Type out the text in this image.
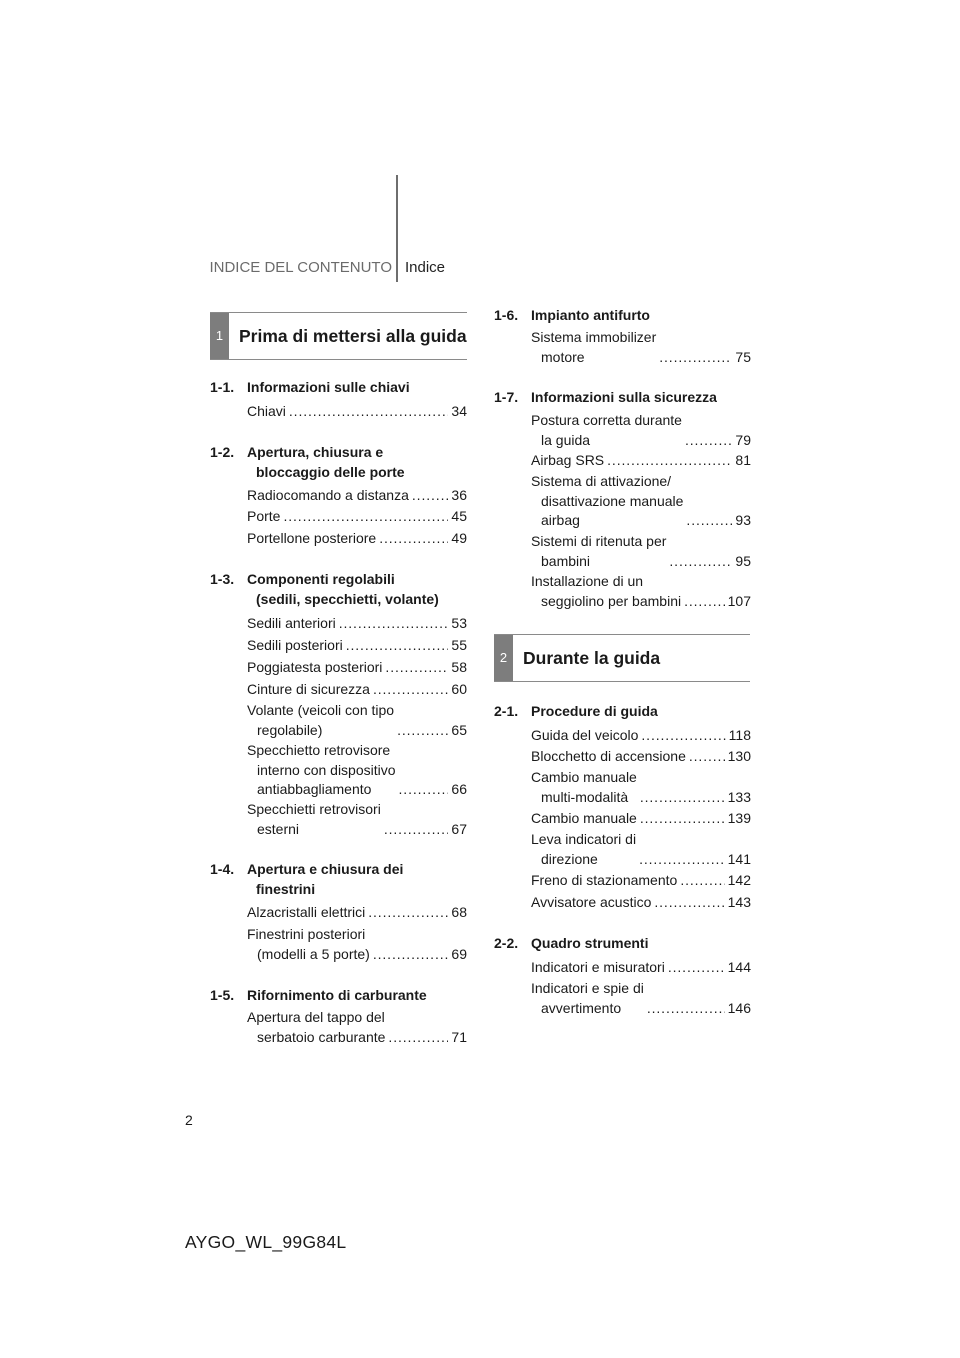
INDICE DEL CONTENUTO Indice
1 Prima di mettersi alla guida
1-1. Informazioni sulle chiavi
Chiavi . . .	34
1-2. Apertura, chiusura e
bloccaggio delle porte
Radiocomando a distanza . . .	36
Porte . . .	45
Portellone posteriore . . .	49
1-3. Componenti regolabili
(sedili, specchietti, volante)
Sedili anteriori . . .	53
Sedili posteriori . . .	55
Poggiatesta posteriori . . .	58
Cinture di sicurezza . . .	60
Volante (veicoli con tipo
regolabile) . . .	65
Specchietto retrovisore
interno con dispositivo
antiabbagliamento . . .	66
Specchietti retrovisori
esterni . . .	67
1-4. Apertura e chiusura dei
finestrini
Alzacristalli elettrici . . .	68
Finestrini posteriori
(modelli a 5 porte) . . .	69
1-5. Rifornimento di carburante
Apertura del tappo del
serbatoio carburante . . .	71
1-6. Impianto antifurto
Sistema immobilizer
motore . . .	75
1-7. Informazioni sulla sicurezza
Postura corretta durante
la guida . . .	79
Airbag SRS . . .	81
Sistema di attivazione/
disattivazione manuale
airbag . . .	93
Sistemi di ritenuta per
bambini . . .	95
Installazione di un
seggiolino per bambini . . .	107
2 Durante la guida
2-1. Procedure di guida
Guida del veicolo . . .	118
Blocchetto di accensione . . .	130
Cambio manuale
multi-modalità . . .	133
Cambio manuale . . .	139
Leva indicatori di
direzione . . .	141
Freno di stazionamento . . .	142
Avvisatore acustico . . .	143
2-2. Quadro strumenti
Indicatori e misuratori . . .	144
Indicatori e spie di
avvertimento . . .	146
2
AYGO_WL_99G84L
